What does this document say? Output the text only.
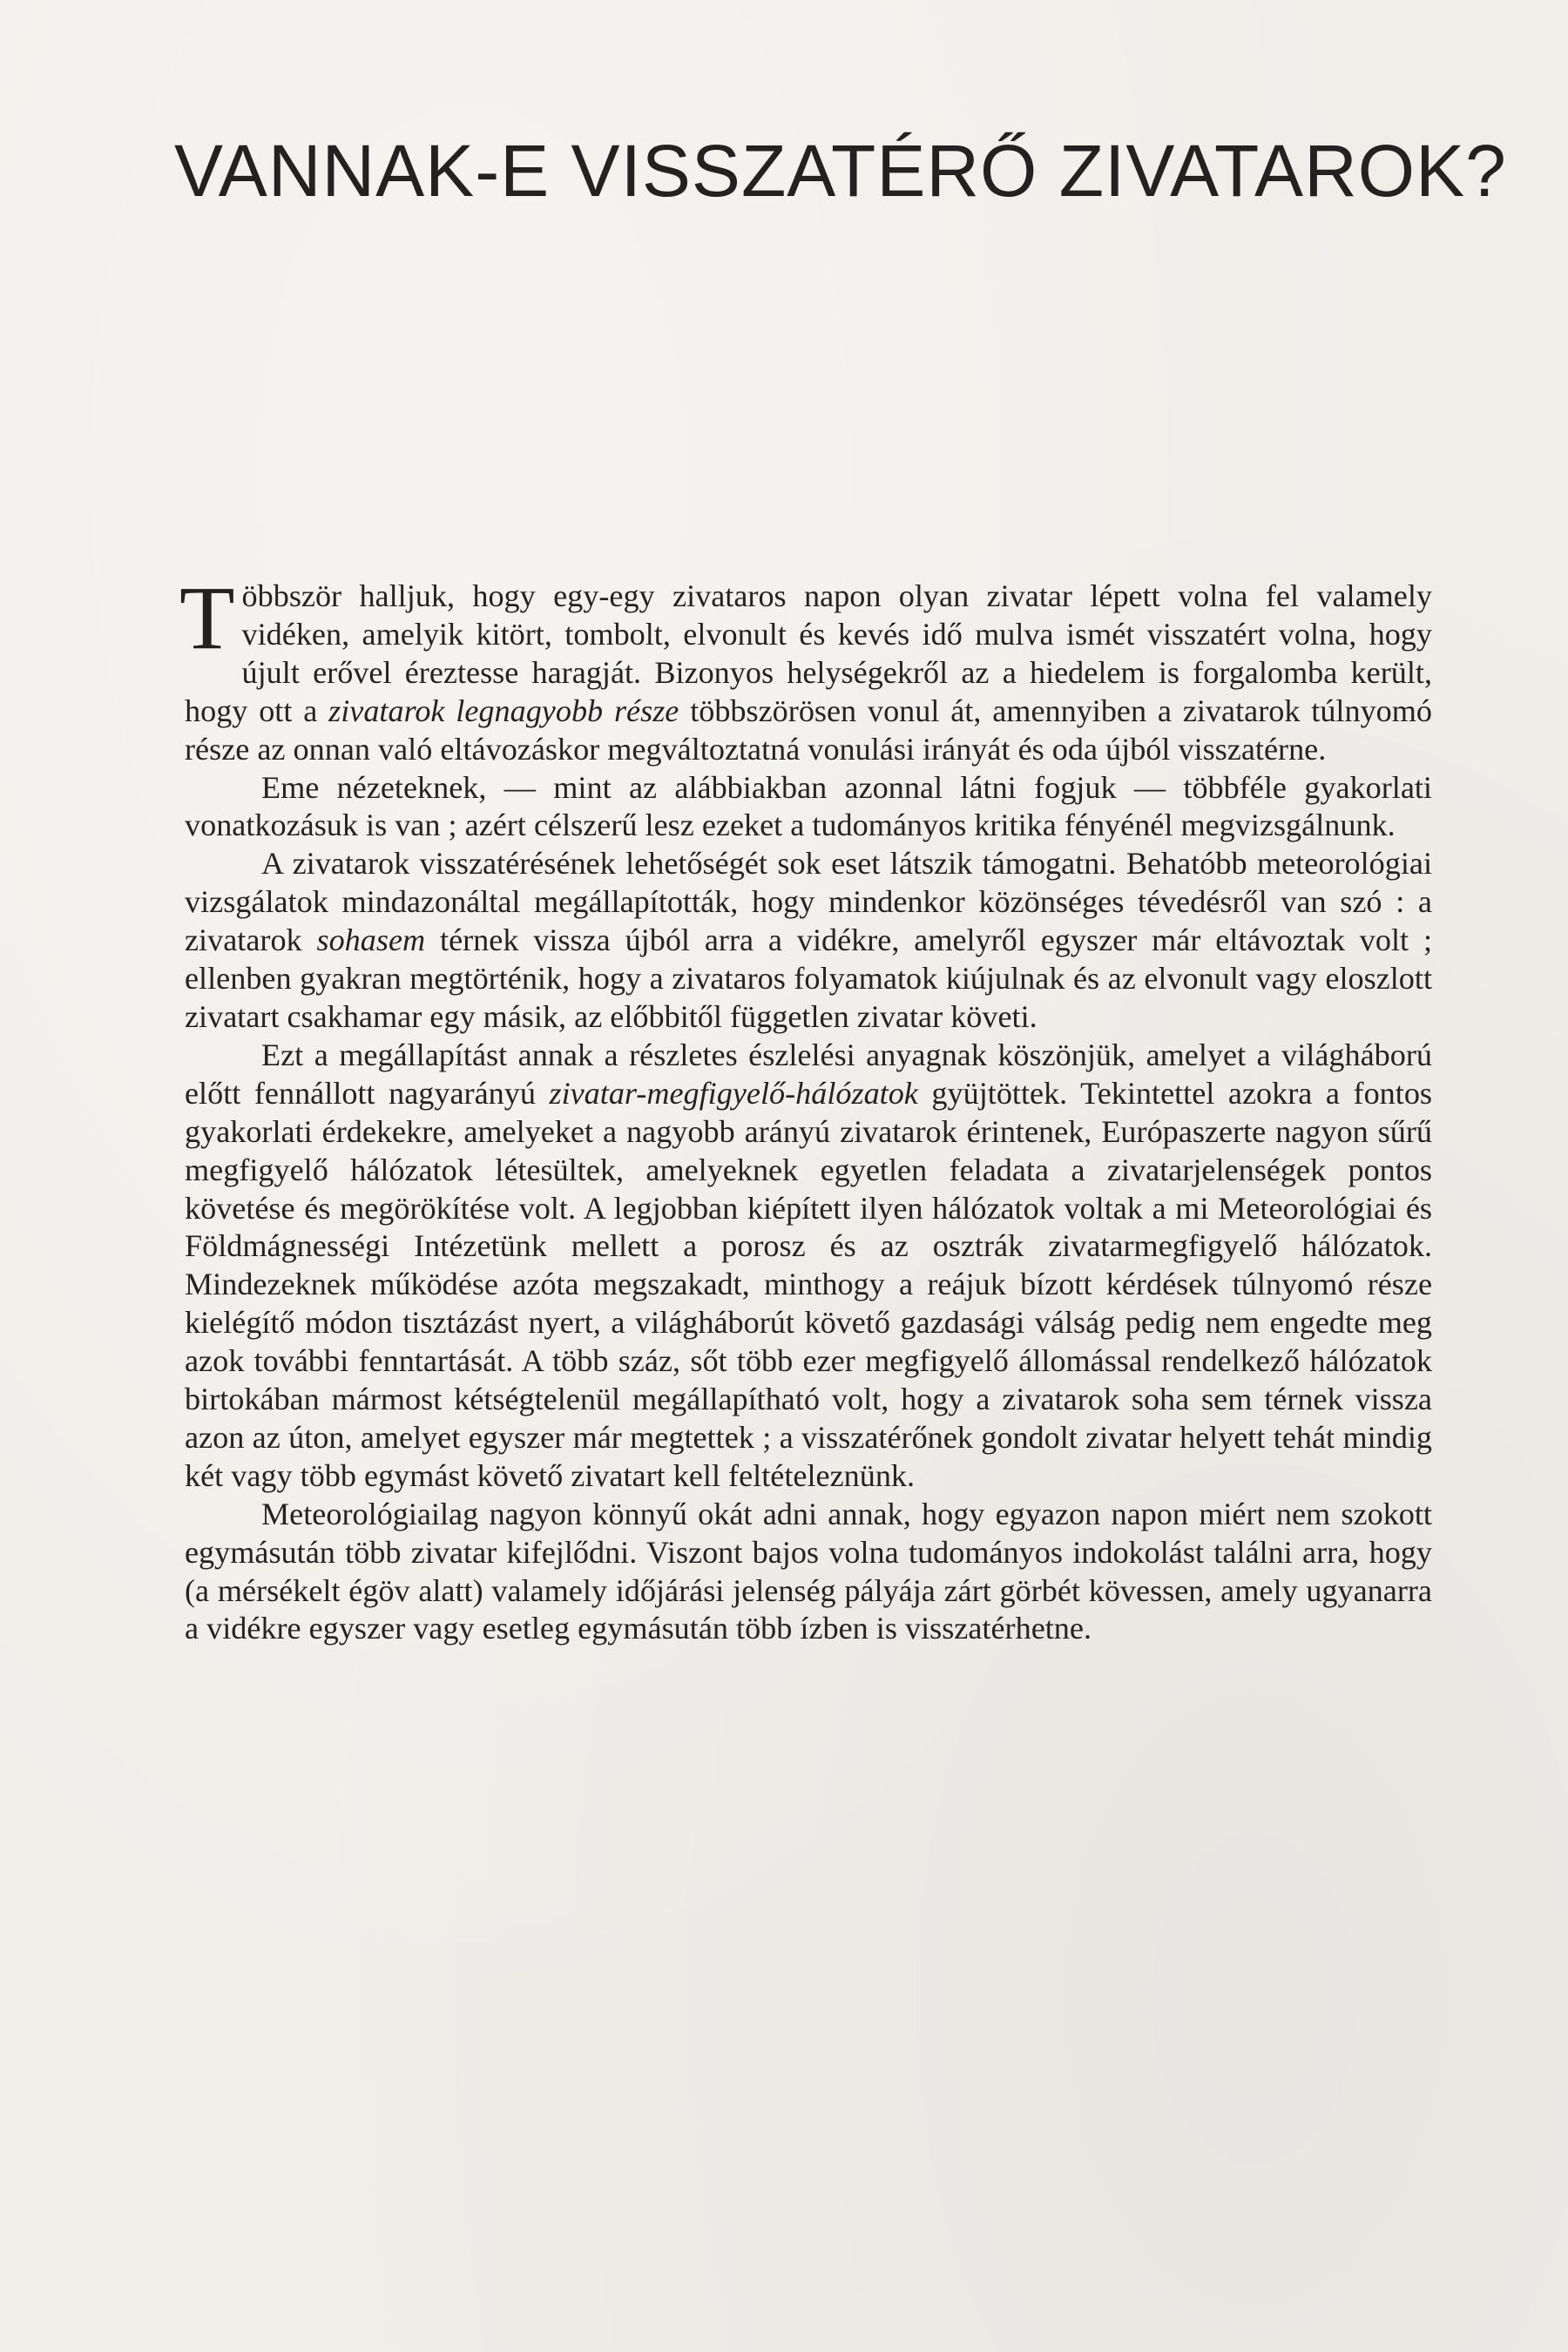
VANNAK-E VISSZATÉRŐ ZIVATAROK?

Többször halljuk, hogy egy-egy zivataros napon olyan zivatar lépett volna fel valamely vidéken, amelyik kitört, tombolt, elvonult és kevés idő mulva ismét visszatért volna, hogy újult erővel éreztesse haragját. Bizonyos helységekről az a hiedelem is forgalomba került, hogy ott a zivatarok legnagyobb része többszörösen vonul át, amennyiben a zivatarok túlnyomó része az onnan való eltávozáskor megváltoztatná vonulási irányát és oda újból visszatérne.

Eme nézeteknek, — mint az alábbiakban azonnal látni fogjuk — többféle gyakorlati vonatkozásuk is van ; azért célszerű lesz ezeket a tudományos kritika fényénél megvizsgálnunk.

A zivatarok visszatérésének lehetőségét sok eset látszik támogatni. Behatóbb meteorológiai vizsgálatok mindazonáltal megállapították, hogy mindenkor közönséges tévedésről van szó : a zivatarok sohasem térnek vissza újból arra a vidékre, amelyről egyszer már eltávoztak volt ; ellenben gyakran megtörténik, hogy a zivataros folyamatok kiújulnak és az elvonult vagy eloszlott zivatart csakhamar egy másik, az előbbitől független zivatar követi.

Ezt a megállapítást annak a részletes észlelési anyagnak köszönjük, amelyet a világháború előtt fennállott nagyarányú zivatar-megfigyelő-hálózatok gyüjtöttek. Tekintettel azokra a fontos gyakorlati érdekekre, amelyeket a nagyobb arányú zivatarok érintenek, Európaszerte nagyon sűrű megfigyelő hálózatok létesültek, amelyeknek egyetlen feladata a zivatarjelenségek pontos követése és megörökítése volt. A legjobban kiépített ilyen hálózatok voltak a mi Meteorológiai és Földmágnességi Intézetünk mellett a porosz és az osztrák zivatarmegfigyelő hálózatok. Mindezeknek működése azóta megszakadt, minthogy a reájuk bízott kérdések túlnyomó része kielégítő módon tisztázást nyert, a világháborút követő gazdasági válság pedig nem engedte meg azok további fenntartását. A több száz, sőt több ezer megfigyelő állomással rendelkező hálózatok birtokában mármost kétségtelenül megállapítható volt, hogy a zivatarok soha sem térnek vissza azon az úton, amelyet egyszer már megtettek ; a visszatérőnek gondolt zivatar helyett tehát mindig két vagy több egymást követő zivatart kell feltételeznünk.

Meteorológiailag nagyon könnyű okát adni annak, hogy egyazon napon miért nem szokott egymásután több zivatar kifejlődni. Viszont bajos volna tudományos indokolást találni arra, hogy (a mérsékelt égöv alatt) valamely időjárási jelenség pályája zárt görbét kövessen, amely ugyanarra a vidékre egyszer vagy esetleg egymásután több ízben is visszatérhetne.
